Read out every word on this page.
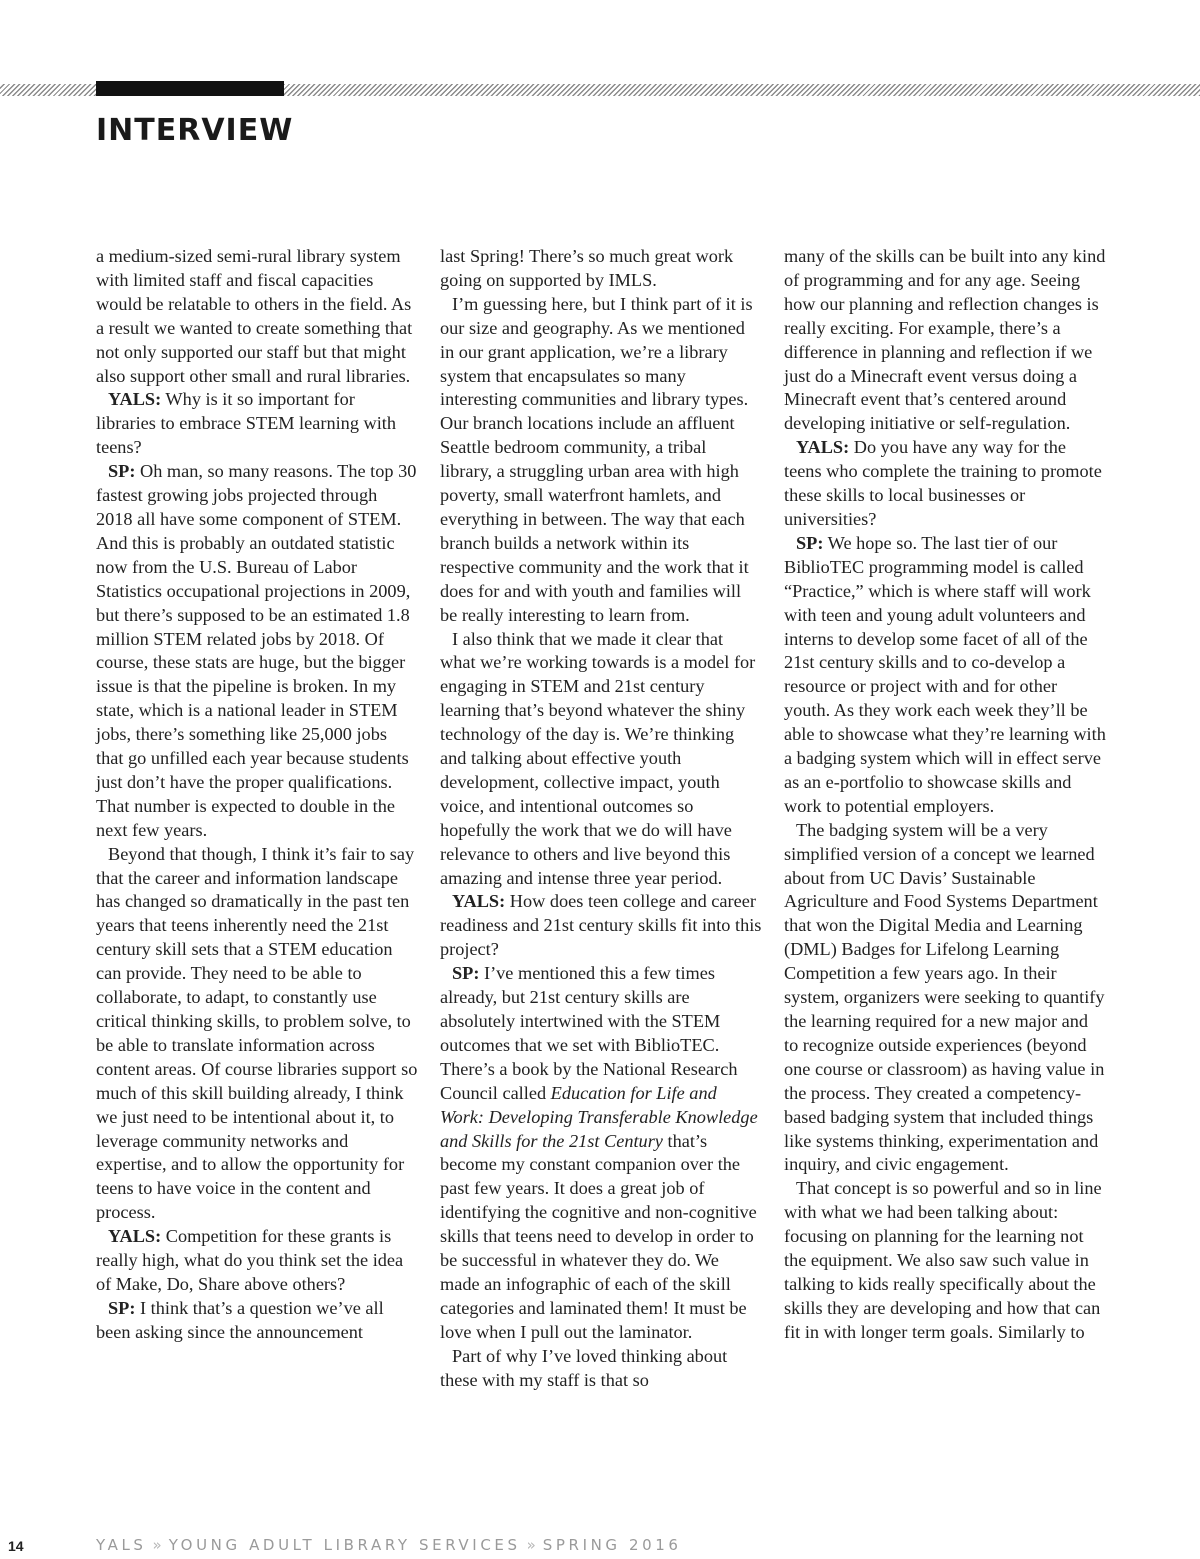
INTERVIEW

a medium-sized semi-rural library system with limited staff and fiscal capacities would be relatable to others in the field. As a result we wanted to create something that not only supported our staff but that might also support other small and rural libraries.

YALS: Why is it so important for libraries to embrace STEM learning with teens?

SP: Oh man, so many reasons. The top 30 fastest growing jobs projected through 2018 all have some component of STEM. And this is probably an outdated statistic now from the U.S. Bureau of Labor Statistics occupational projections in 2009, but there’s supposed to be an estimated 1.8 million STEM related jobs by 2018. Of course, these stats are huge, but the bigger issue is that the pipeline is broken. In my state, which is a national leader in STEM jobs, there’s something like 25,000 jobs that go unfilled each year because students just don’t have the proper qualifications. That number is expected to double in the next few years.

Beyond that though, I think it’s fair to say that the career and information landscape has changed so dramatically in the past ten years that teens inherently need the 21st century skill sets that a STEM education can provide. They need to be able to collaborate, to adapt, to constantly use critical thinking skills, to problem solve, to be able to translate information across content areas. Of course libraries support so much of this skill building already, I think we just need to be intentional about it, to leverage community networks and expertise, and to allow the opportunity for teens to have voice in the content and process.

YALS: Competition for these grants is really high, what do you think set the idea of Make, Do, Share above others?

SP: I think that’s a question we’ve all been asking since the announcement

last Spring! There’s so much great work going on supported by IMLS.

I’m guessing here, but I think part of it is our size and geography. As we mentioned in our grant application, we’re a library system that encapsulates so many interesting communities and library types. Our branch locations include an affluent Seattle bedroom community, a tribal library, a struggling urban area with high poverty, small waterfront hamlets, and everything in between. The way that each branch builds a network within its respective community and the work that it does for and with youth and families will be really interesting to learn from.

I also think that we made it clear that what we’re working towards is a model for engaging in STEM and 21st century learning that’s beyond whatever the shiny technology of the day is. We’re thinking and talking about effective youth development, collective impact, youth voice, and intentional outcomes so hopefully the work that we do will have relevance to others and live beyond this amazing and intense three year period.

YALS: How does teen college and career readiness and 21st century skills fit into this project?

SP: I’ve mentioned this a few times already, but 21st century skills are absolutely intertwined with the STEM outcomes that we set with BiblioTEC. There’s a book by the National Research Council called Education for Life and Work: Developing Transferable Knowledge and Skills for the 21st Century that’s become my constant companion over the past few years. It does a great job of identifying the cognitive and non-cognitive skills that teens need to develop in order to be successful in whatever they do. We made an infographic of each of the skill categories and laminated them! It must be love when I pull out the laminator.

Part of why I’ve loved thinking about these with my staff is that so

many of the skills can be built into any kind of programming and for any age. Seeing how our planning and reflection changes is really exciting. For example, there’s a difference in planning and reflection if we just do a Minecraft event versus doing a Minecraft event that’s centered around developing initiative or self-regulation.

YALS: Do you have any way for the teens who complete the training to promote these skills to local businesses or universities?

SP: We hope so. The last tier of our BiblioTEC programming model is called “Practice,” which is where staff will work with teen and young adult volunteers and interns to develop some facet of all of the 21st century skills and to co-develop a resource or project with and for other youth. As they work each week they’ll be able to showcase what they’re learning with a badging system which will in effect serve as an e-portfolio to showcase skills and work to potential employers.

The badging system will be a very simplified version of a concept we learned about from UC Davis’ Sustainable Agriculture and Food Systems Department that won the Digital Media and Learning (DML) Badges for Lifelong Learning Competition a few years ago. In their system, organizers were seeking to quantify the learning required for a new major and to recognize outside experiences (beyond one course or classroom) as having value in the process. They created a competency-based badging system that included things like systems thinking, experimentation and inquiry, and civic engagement.

That concept is so powerful and so in line with what we had been talking about: focusing on planning for the learning not the equipment. We also saw such value in talking to kids really specifically about the skills they are developing and how that can fit in with longer term goals. Similarly to

14	YALS » YOUNG ADULT LIBRARY SERVICES » SPRING 2016
